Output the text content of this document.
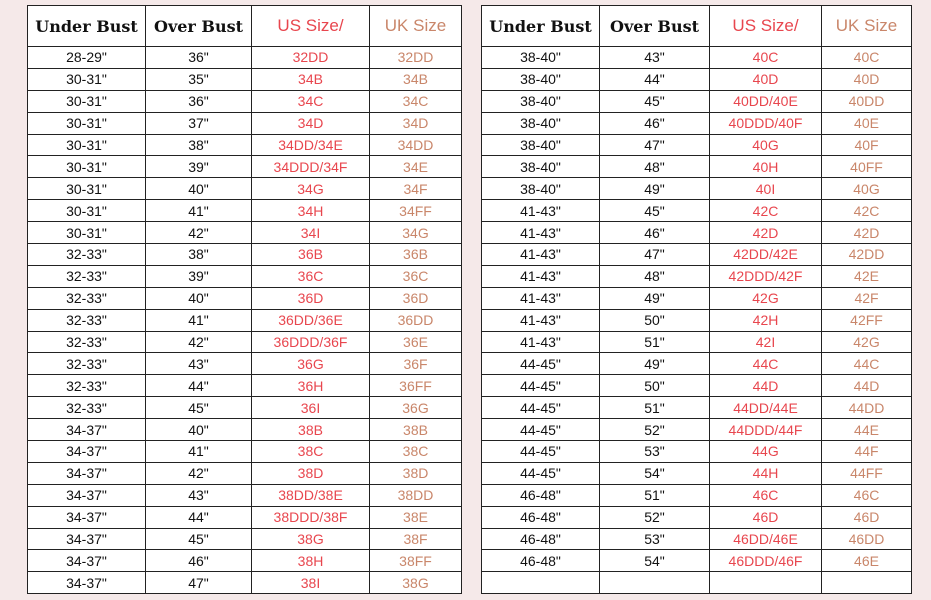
Under Bust	Over Bust	US Size/	UK Size
28-29"	36"	32DD	32DD
30-31"	35"	34B	34B
30-31"	36"	34C	34C
30-31"	37"	34D	34D
30-31"	38"	34DD/34E	34DD
30-31"	39"	34DDD/34F	34E
30-31"	40"	34G	34F
30-31"	41"	34H	34FF
30-31"	42"	34I	34G
32-33"	38"	36B	36B
32-33"	39"	36C	36C
32-33"	40"	36D	36D
32-33"	41"	36DD/36E	36DD
32-33"	42"	36DDD/36F	36E
32-33"	43"	36G	36F
32-33"	44"	36H	36FF
32-33"	45"	36I	36G
34-37"	40"	38B	38B
34-37"	41"	38C	38C
34-37"	42"	38D	38D
34-37"	43"	38DD/38E	38DD
34-37"	44"	38DDD/38F	38E
34-37"	45"	38G	38F
34-37"	46"	38H	38FF
34-37"	47"	38I	38G
Under Bust	Over Bust	US Size/	UK Size
38-40"	43"	40C	40C
38-40"	44"	40D	40D
38-40"	45"	40DD/40E	40DD
38-40"	46"	40DDD/40F	40E
38-40"	47"	40G	40F
38-40"	48"	40H	40FF
38-40"	49"	40I	40G
41-43"	45"	42C	42C
41-43"	46"	42D	42D
41-43"	47"	42DD/42E	42DD
41-43"	48"	42DDD/42F	42E
41-43"	49"	42G	42F
41-43"	50"	42H	42FF
41-43"	51"	42I	42G
44-45"	49"	44C	44C
44-45"	50"	44D	44D
44-45"	51"	44DD/44E	44DD
44-45"	52"	44DDD/44F	44E
44-45"	53"	44G	44F
44-45"	54"	44H	44FF
46-48"	51"	46C	46C
46-48"	52"	46D	46D
46-48"	53"	46DD/46E	46DD
46-48"	54"	46DDD/46F	46E
